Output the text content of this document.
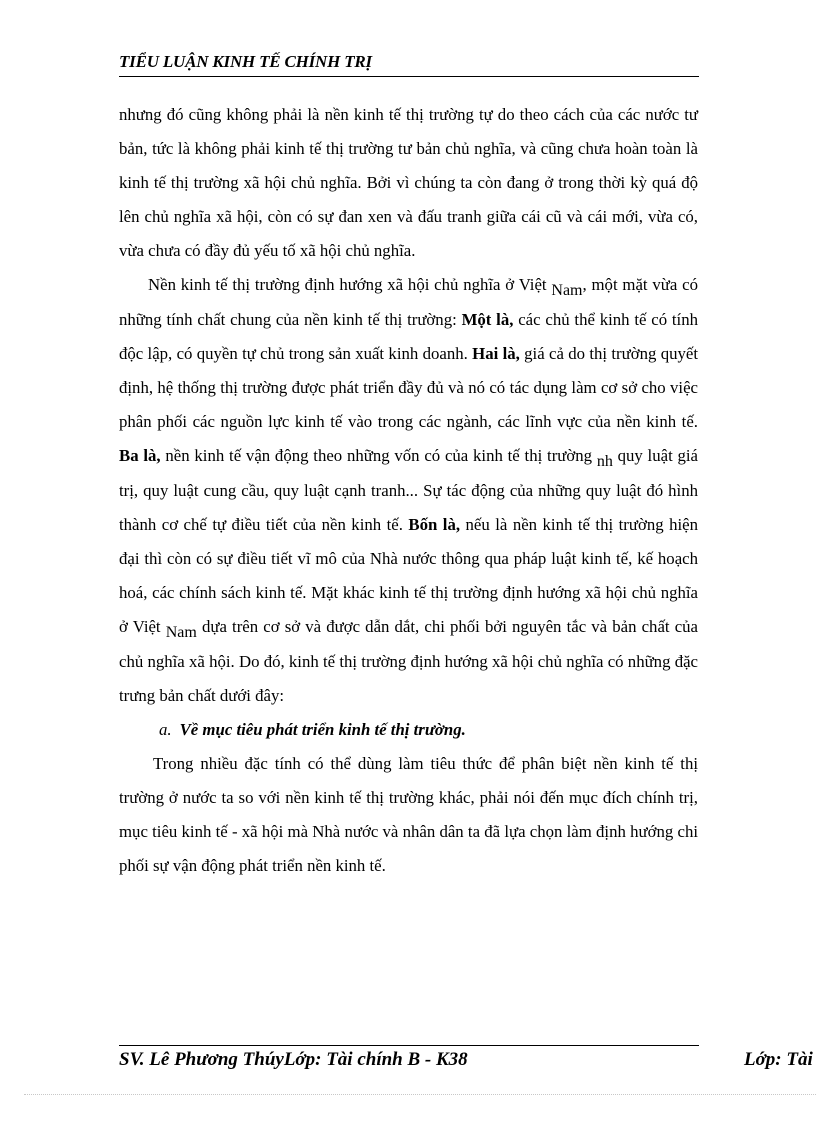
TIỂU LUẬN KINH TẾ CHÍNH TRỊ

nhưng đó cũng không phải là nền kinh tế thị trường tự do theo cách của các nước tư bản, tức là không phải kinh tế thị trường tư bản chủ nghĩa, và cũng chưa hoàn toàn là kinh tế thị trường xã hội chủ nghĩa. Bởi vì chúng ta còn đang ở trong thời kỳ quá độ lên chủ nghĩa xã hội, còn có sự đan xen và đấu tranh giữa cái cũ và cái mới, vừa có, vừa chưa có đầy đủ yếu tố xã hội chủ nghĩa.

Nền kinh tế thị trường định hướng xã hội chủ nghĩa ở Việt Nam, một mặt vừa có những tính chất chung của nền kinh tế thị trường: Một là, các chủ thể kinh tế có tính độc lập, có quyền tự chủ trong sản xuất kinh doanh. Hai là, giá cả do thị trường quyết định, hệ thống thị trường được phát triển đầy đủ và nó có tác dụng làm cơ sở cho việc phân phối các nguồn lực kinh tế vào trong các ngành, các lĩnh vực của nền kinh tế. Ba là, nền kinh tế vận động theo những vốn có của kinh tế thị trường nh quy luật giá trị, quy luật cung cầu, quy luật cạnh tranh... Sự tác động của những quy luật đó hình thành cơ chế tự điều tiết của nền kinh tế. Bốn là, nếu là nền kinh tế thị trường hiện đại thì còn có sự điều tiết vĩ mô của Nhà nước thông qua pháp luật kinh tế, kế hoạch hoá, các chính sách kinh tế. Mặt khác kinh tế thị trường định hướng xã hội chủ nghĩa ở Việt Nam dựa trên cơ sở và được dẫn dắt, chi phối bởi nguyên tắc và bản chất của chủ nghĩa xã hội. Do đó, kinh tế thị trường định hướng xã hội chủ nghĩa có những đặc trưng bản chất dưới đây:

a. Về mục tiêu phát triển kinh tế thị trường.

Trong nhiều đặc tính có thể dùng làm tiêu thức để phân biệt nền kinh tế thị trường ở nước ta so với nền kinh tế thị trường khác, phải nói đến mục đích chính trị, mục tiêu kinh tế - xã hội mà Nhà nước và nhân dân ta đã lựa chọn làm định hướng chi phối sự vận động phát triển nền kinh tế.

SV. Lê Phương ThúyLớp: Tài chính B - K38	Lớp: Tài
